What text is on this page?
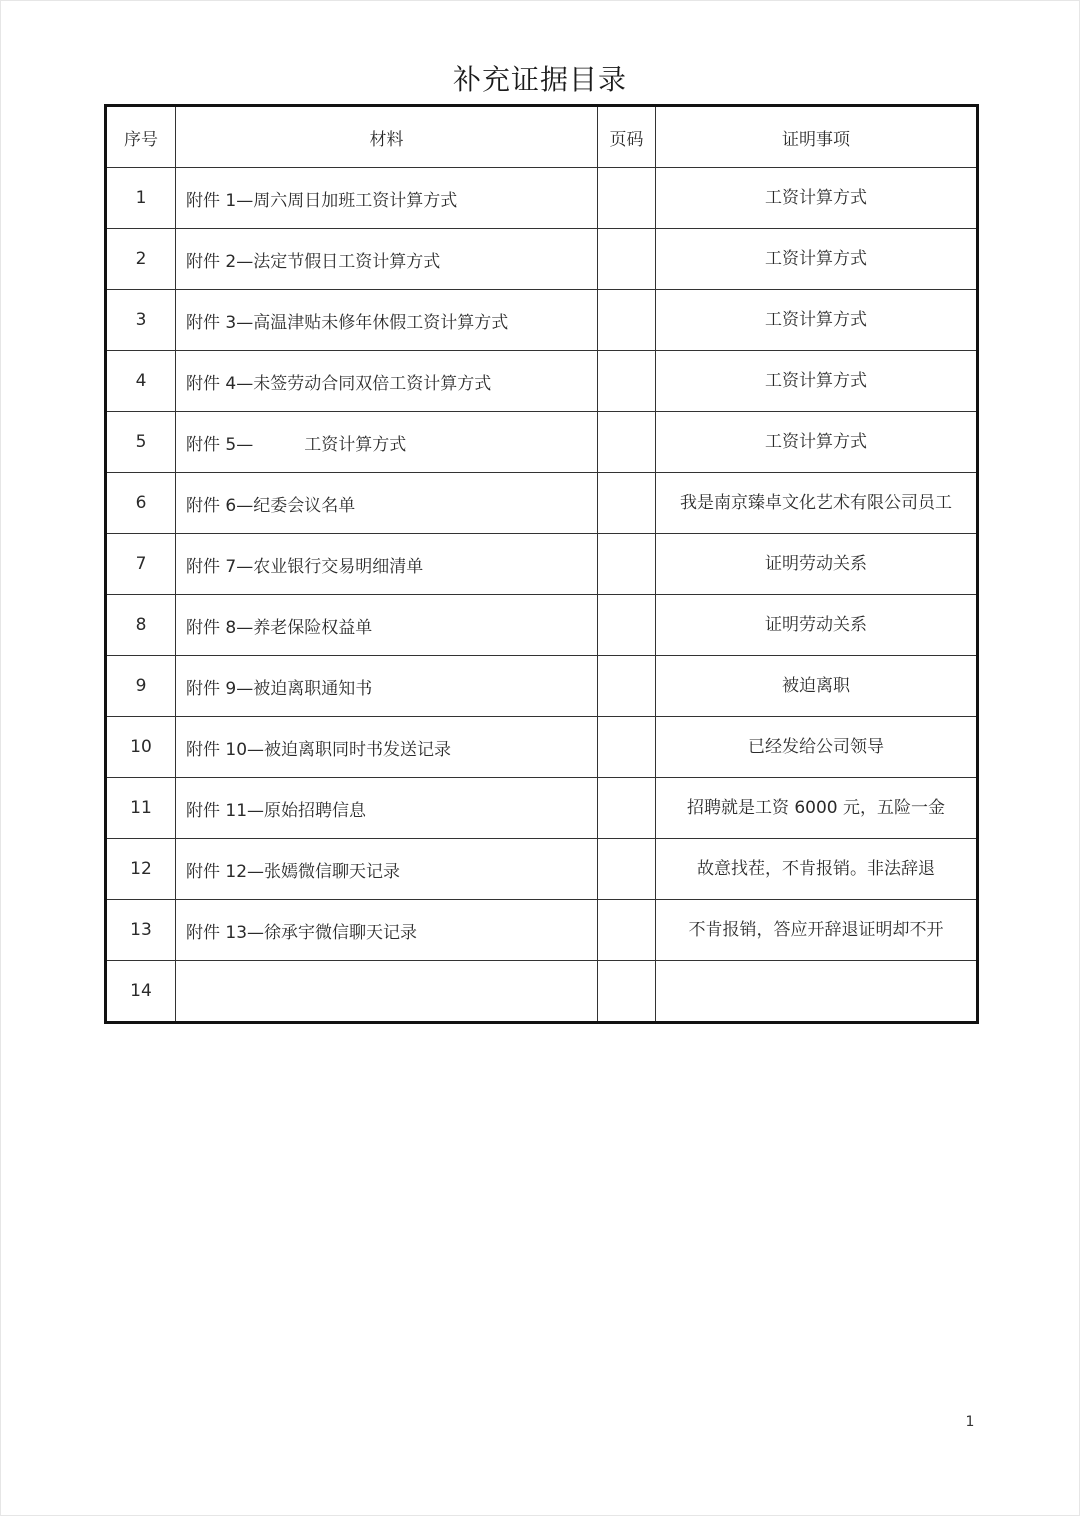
补充证据目录
序号	材料	页码	证明事项
1	附件 1—周六周日加班工资计算方式		工资计算方式
2	附件 2—法定节假日工资计算方式		工资计算方式
3	附件 3—高温津贴未修年休假工资计算方式		工资计算方式
4	附件 4—未签劳动合同双倍工资计算方式		工资计算方式
5	附件 5—　　　工资计算方式		工资计算方式
6	附件 6—纪委会议名单		我是南京臻卓文化艺术有限公司员工
7	附件 7—农业银行交易明细清单		证明劳动关系
8	附件 8—养老保险权益单		证明劳动关系
9	附件 9—被迫离职通知书		被迫离职
10	附件 10—被迫离职同时书发送记录		已经发给公司领导
11	附件 11—原始招聘信息		招聘就是工资 6000 元，五险一金
12	附件 12—张嫣微信聊天记录		故意找茬，不肯报销。非法辞退
13	附件 13—徐承宇微信聊天记录		不肯报销，答应开辞退证明却不开
14			
1
